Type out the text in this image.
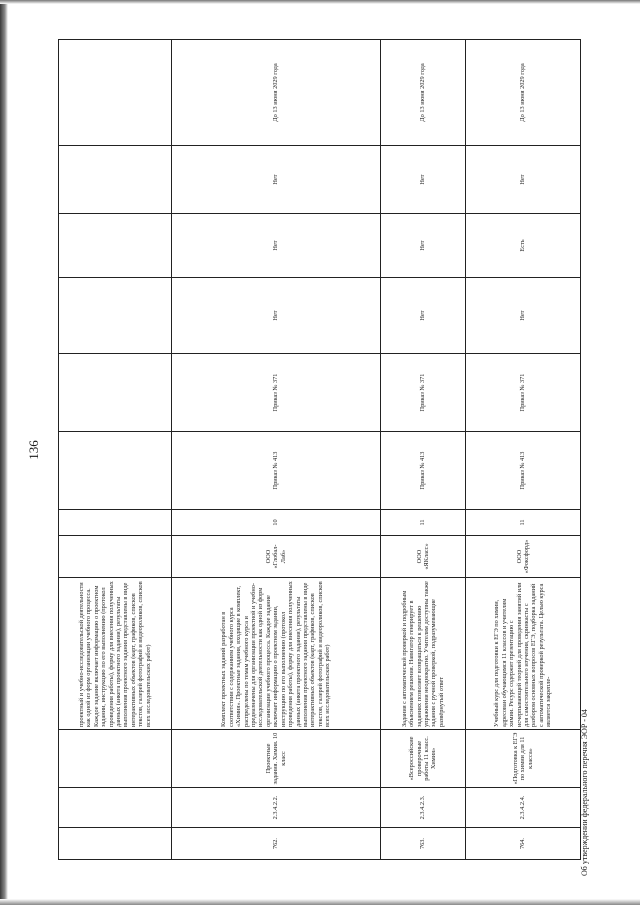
136
			проектный и учебно-исследовательской деятельности как одной из форм организации учебного процесса. Каждое задание включает информацию о проектном задании, инструкцию по его выполнению (протокол проведения работы), форму для внесения полученных данных (анкета проектного задания), результаты выполнения проектного задания представлены в виде интерактивных объектов (карт, графиков, списков текстов, галерей фотографий и видеороликов, списков всех исследовательских работ)								
762.	2.3.4.2.2.	Проектные задания. Химия. 10 класс	Комплект проектных заданий разработан в соответствии с содержанием учебного курса «Химия». Проектные задания, входящие в комплект, распределены по темам учебного курса и предназначены для организации проектной и учебно-исследовательской деятельности как одной из форм организации учебного процесса. Каждое задание включает информацию о проектном задании, инструкцию по его выполнению (протокол проведения работы), форму для внесения полученных данных (анкета проектного задания), результаты выполнения проектного задания представлены в виде интерактивных объектов (карт, графиков, списков текстов, галерей фотографий и видеороликов, списков всех исследовательских работ)	ООО «Глобал-Лаб»	10	Приказ № 413	Приказ № 371	Нет	Нет	Нет	До 13 июня 2029 года
763.	2.3.4.2.3.	«Всероссийские проверочные работы 11 класс. Химия»	Задания с автоматической проверкой и подробным объяснением решения. Навигатор генерирует в заданиях позволяет возвращаться к решению упражнения неоднократно. Учителям доступны также задания с ручной проверкой, подразумевающие развёрнутый ответ	ООО «ЯКласс»	11	Приказ № 413	Приказ № 371	Нет	Нет	Нет	До 13 июня 2029 года
764.	2.3.4.2.4.	«Подготовка к ЕГЭ по химии для 11 класса»	Учебный курс для подготовки к ЕГЭ по химии, адресован обучающимся 11 классов и учителям химии. Ресурс содержит презентацию с исчерпывающей теорией для проведения занятий или для самостоятельного изучения, скринкасты с разбором основных вопросов ЕГЭ, подборка заданий с автоматической проверкой результата. Целью курса является закрепле-	ООО «Фоксфорд»	11	Приказ № 413	Приказ № 371	Нет	Есть	Нет	До 13 июня 2029 года
Об утверждении федерального перечня ЭОР - 04
